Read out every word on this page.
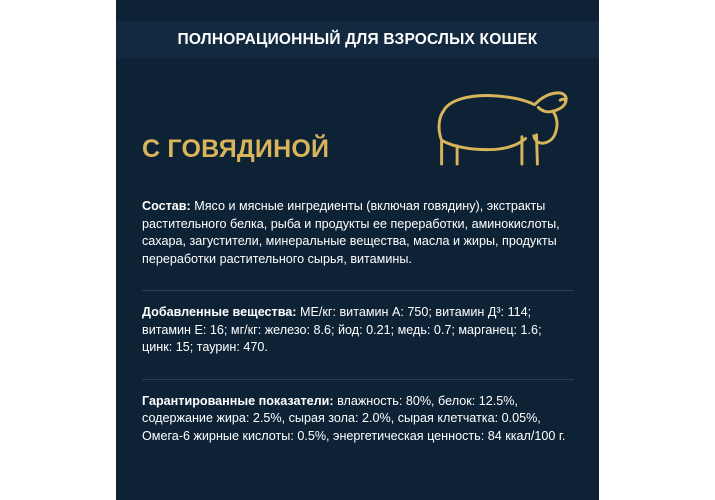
ПОЛНОРАЦИОННЫЙ ДЛЯ ВЗРОСЛЫХ КОШЕК
С ГОВЯДИНОЙ

Состав: Мясо и мясные ингредиенты (включая говядину), экстракты растительного белка, рыба и продукты ее переработки, аминокислоты, сахара, загустители, минеральные вещества, масла и жиры, продукты переработки растительного сырья, витамины.

Добавленные вещества: МЕ/кг: витамин А: 750; витамин Д³: 114; витамин Е: 16; мг/кг: железо: 8.6; йод: 0.21; медь: 0.7; марганец: 1.6; цинк: 15; таурин: 470.

Гарантированные показатели: влажность: 80%, белок: 12.5%, содержание жира: 2.5%, сырая зола: 2.0%, сырая клетчатка: 0.05%, Омега-6 жирные кислоты: 0.5%, энергетическая ценность: 84 ккал/100 г.
